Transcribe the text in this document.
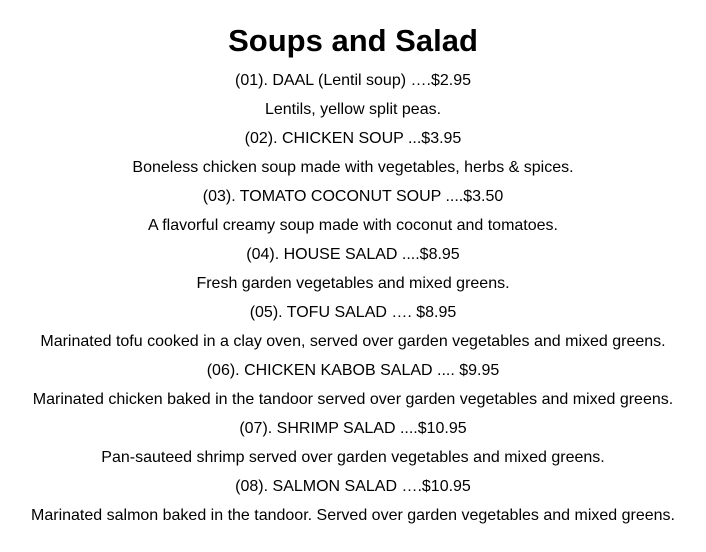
Soups and Salad
(01). DAAL (Lentil soup) ….$2.95
Lentils, yellow split peas.
(02). CHICKEN SOUP ...$3.95
Boneless chicken soup made with vegetables, herbs & spices.
(03). TOMATO COCONUT SOUP ....$3.50
A flavorful creamy soup made with coconut and tomatoes.
(04). HOUSE SALAD ....$8.95
Fresh garden vegetables and mixed greens.
(05). TOFU SALAD …. $8.95
Marinated tofu cooked in a clay oven, served over garden vegetables and mixed greens.
(06). CHICKEN KABOB SALAD .... $9.95
Marinated chicken baked in the tandoor served over garden vegetables and mixed greens.
(07). SHRIMP SALAD ....$10.95
Pan-sauteed shrimp served over garden vegetables and mixed greens.
(08). SALMON SALAD ….$10.95
Marinated salmon baked in the tandoor. Served over garden vegetables and mixed greens.
